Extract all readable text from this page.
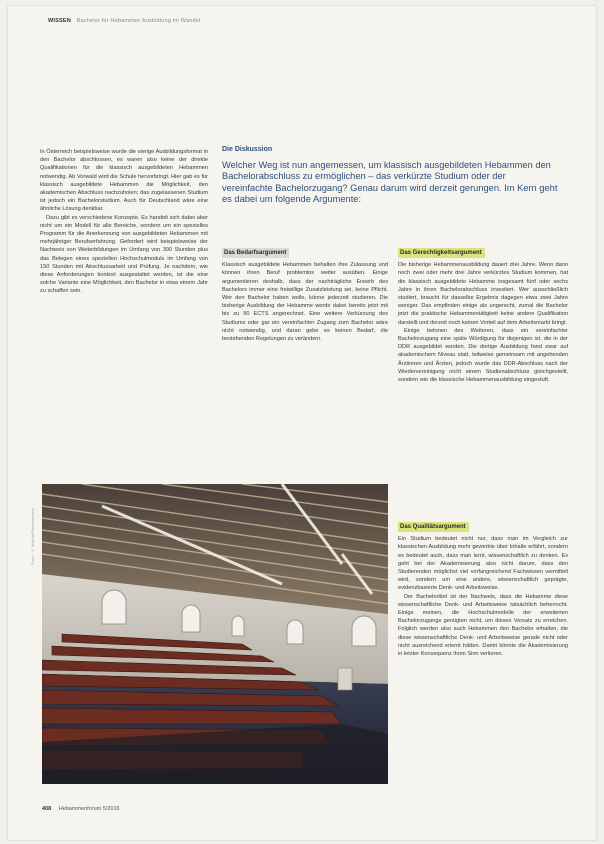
WISSEN Bachelor für Hebammen Ausbildung im Wandel

In Österreich beispielsweise wurde die vierige Ausbildungsformat in den Bachelor abschlossen, es waren also keine der direkte Qualifikationen für die klassisch ausgebildeten Hebammen notwendig. Ab Vorwald wird die Schule hervorbringt. Hier gab es für klassisch ausgebildete Hebammen die Möglichkeit, den akademischen Abschluss nachzuholen; das zugelassenen Studium ist jedoch ein Bachelorstudium. Auch für Deutschland wäre eine ähnliche Lösung denkbar.

Dazu gibt es verschiedene Konzepte. Es handelt sich dabei aber nicht um ein Modell für alle Bereiche, sondern um ein spezielles Programm für die Anerkennung von ausgebildeten Hebammen mit mehrjähriger Berufserfahrung. Gefordert wird beispielsweise der Nachweis von Weiterbildungen im Umfang von 300 Stunden plus das Belegen eines speziellen Hochschulmoduls im Umfang von 150 Stunden mit Abschlussarbeit und Prüfung. Je nachdem, wie diese Anforderungen konkret ausgestaltet werden, ist die eine solche Variante eine Möglichkeit, den Bachelor in etwa einem Jahr zu schaffen sein.

Die Diskussion
Welcher Weg ist nun angemessen, um klassisch ausgebildeten Hebammen den Bachelorabschluss zu ermöglichen – das verkürzte Studium oder der vereinfachte Bachelorzugang? Genau darum wird derzeit gerungen. Im Kern geht es dabei um folgende Argumente:
Das Bedarfsargument

Klassisch ausgebildete Hebammen behalten ihre Zulassung und können ihren Beruf problemlos weiter ausüben. Einige argumentieren deshalb, dass der nachträgliche Erwerb des Bachelors immer eine freiwillige Zusatzleistung sei, keine Pflicht. Wer den Bachelor haben wolle, könne jederzeit studieren. Die bisherige Ausbildung der Hebamme werde dabei bereits jetzt mit bis zu 90 ECTS angerechnet. Eine weitere Verkürzung des Studiums oder gar ein vereinfachter Zugang zum Bachelor wäre nicht notwendig, und daran gebe es keinen Bedarf, die bestehenden Regelungen zu verändern.

Das Gerechtigkeitsargument

Die bisherige Hebammenausbildung dauert drei Jahre. Wenn dann noch zwei oder mehr drei Jahre verkürztes Studium kommen, hat die klassisch ausgebildete Hebamme insgesamt fünf oder sechs Jahre in ihren Bachelorabschluss investiert. Wer ausschließlich studiert, braucht für dasselbe Ergebnis dagegen etwa zwei Jahre weniger. Das empfinden einige als ungerecht, zumal die Bachelor jetzt die praktische Hebammentätigkeit keine andere Qualifikation darstellt und derzeit noch keinen Vorteil auf dem Arbeitsmarkt bringt.

Einige betonen des Weiteren, dass ein vereinfachter Bachelorzugang eine späte Würdigung für diejenigen ist, die in der DDR ausgebildet wurden. Die dortige Ausbildung fand zwar auf akademischem Niveau statt, teilweise gemeinsam mit angehenden Ärztinnen und Ärzten, jedoch wurde das DDR-Abschluss nach der Wiedervereinigung nicht einem Studienabschluss gleichgestellt, sondern wie die klassische Hebammenausbildung eingestuft.

Das Qualitätsargument

Ein Studium bedeutet nicht nur, dass man im Vergleich zur klassischen Ausbildung mehr gewerkte über Inhalte erfährt, sondern es bedeutet auch, dass man lernt, wissenschaftlich zu denken. Es geht bei der Akademisierung also nicht darum, dass den Studierenden möglichst viel vorfangreichend Fachwissen vermittelt wird, sondern um eine andere, wissenschaftlich geprägte, evidenzbasierte Denk- und Arbeitsweise.

Der Bachelortitel ist der Nachweis, dass die Hebamme diese wissenschaftliche Denk- und Arbeitsweise tatsächlich beherrscht. Einige meinen, die Hochschulmodelle der erweiterten Bachelorzugangs genügten nicht, um dieses Versatz zu erreichen. Folglich werden also auch Hebammen den Bachelor erhalten, die diese wissenschaftliche Denk- und Arbeitsweise gerade nicht oder nicht ausreichend erlernt hätten. Damit könnte die Akademisierung in letzter Konsequenz ihren Sinn verlieren.

Foto: © fotolia/Pressedienst
408 Hebammenforum 5/2016
